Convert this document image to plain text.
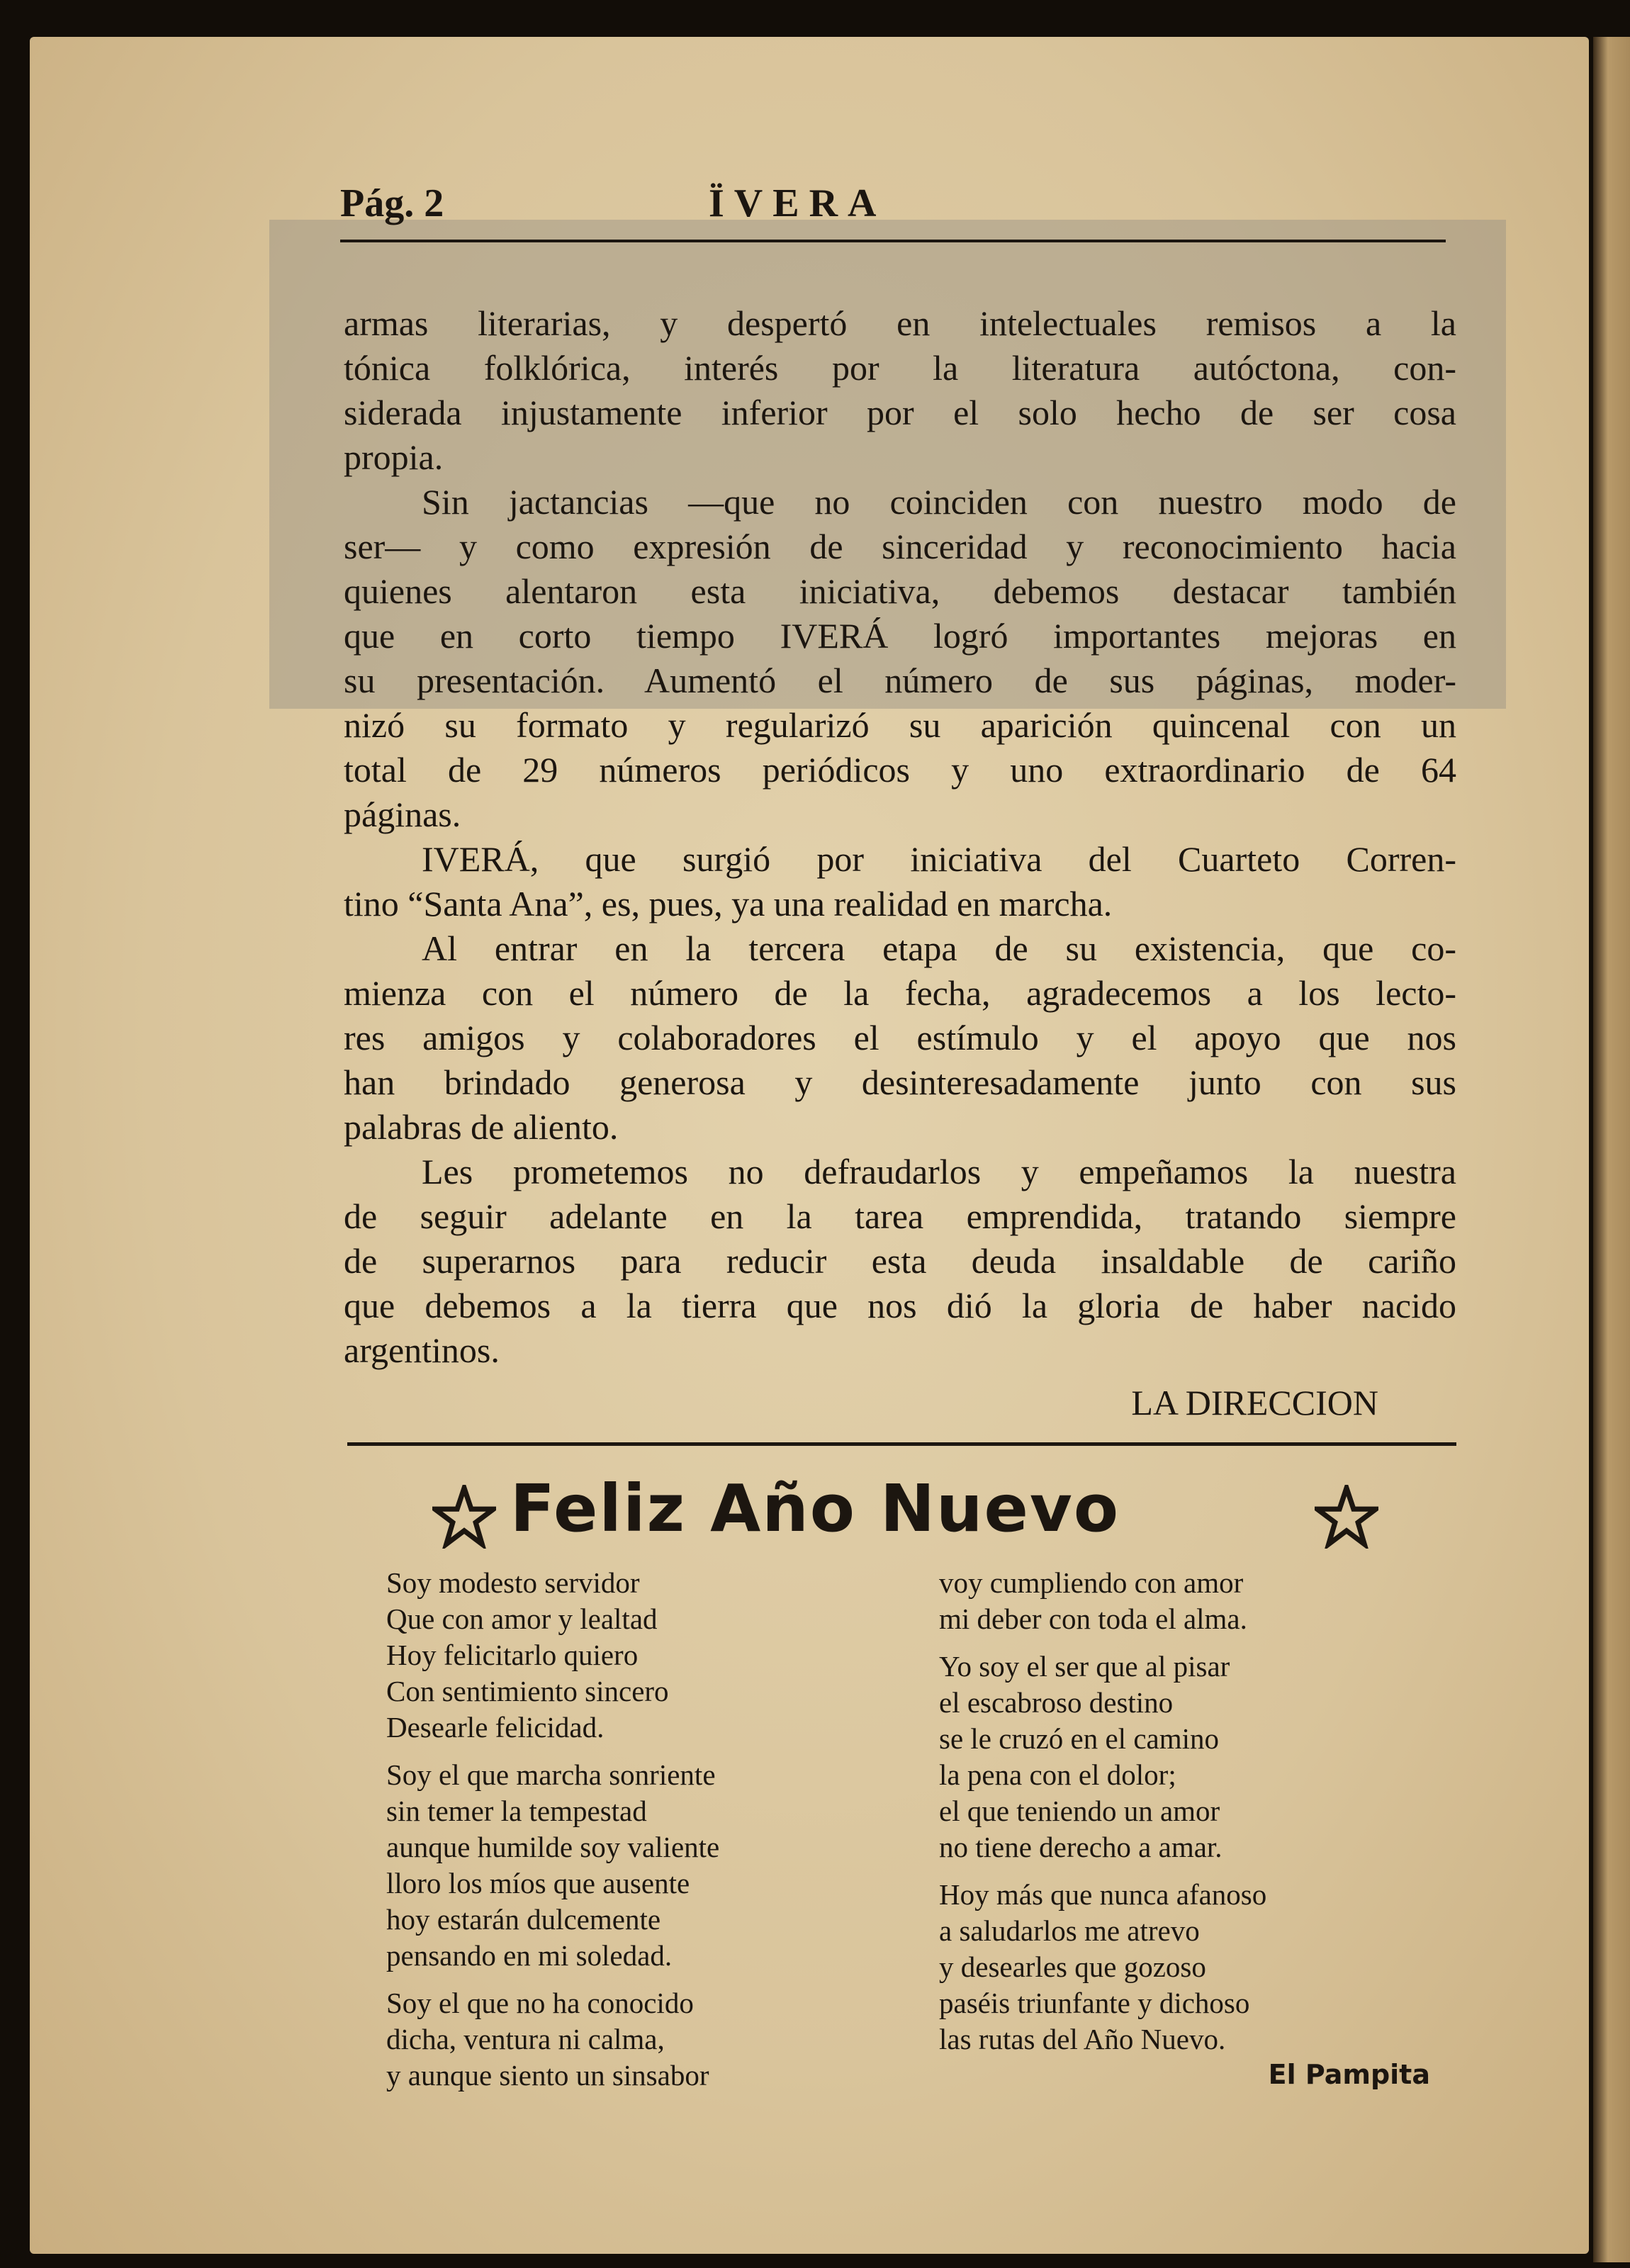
Pág. 2	ÏVERA
armas literarias, y despertó en intelectuales remisos a la
tónica folklórica, interés por la literatura autóctona, con-
siderada injustamente inferior por el solo hecho de ser cosa
propia.
Sin jactancias —que no coinciden con nuestro modo de
ser— y como expresión de sinceridad y reconocimiento hacia
quienes alentaron esta iniciativa, debemos destacar también
que en corto tiempo IVERÁ logró importantes mejoras en
su presentación. Aumentó el número de sus páginas, moder-
nizó su formato y regularizó su aparición quincenal con un
total de 29 números periódicos y uno extraordinario de 64
páginas.
IVERÁ, que surgió por iniciativa del Cuarteto Corren-
tino “Santa Ana”, es, pues, ya una realidad en marcha.
Al entrar en la tercera etapa de su existencia, que co-
mienza con el número de la fecha, agradecemos a los lecto-
res amigos y colaboradores el estímulo y el apoyo que nos
han brindado generosa y desinteresadamente junto con sus
palabras de aliento.
Les prometemos no defraudarlos y empeñamos la nuestra
de seguir adelante en la tarea emprendida, tratando siempre
de superarnos para reducir esta deuda insaldable de cariño
que debemos a la tierra que nos dió la gloria de haber nacido
argentinos.
LA DIRECCION
Feliz Año Nuevo
Soy modesto servidor
Que con amor y lealtad
Hoy felicitarlo quiero
Con sentimiento sincero
Desearle felicidad.
Soy el que marcha sonriente
sin temer la tempestad
aunque humilde soy valiente
lloro los míos que ausente
hoy estarán dulcemente
pensando en mi soledad.
Soy el que no ha conocido
dicha, ventura ni calma,
y aunque siento un sinsabor
voy cumpliendo con amor
mi deber con toda el alma.
Yo soy el ser que al pisar
el escabroso destino
se le cruzó en el camino
la pena con el dolor;
el que teniendo un amor
no tiene derecho a amar.
Hoy más que nunca afanoso
a saludarlos me atrevo
y desearles que gozoso
paséis triunfante y dichoso
las rutas del Año Nuevo.
El Pampita
